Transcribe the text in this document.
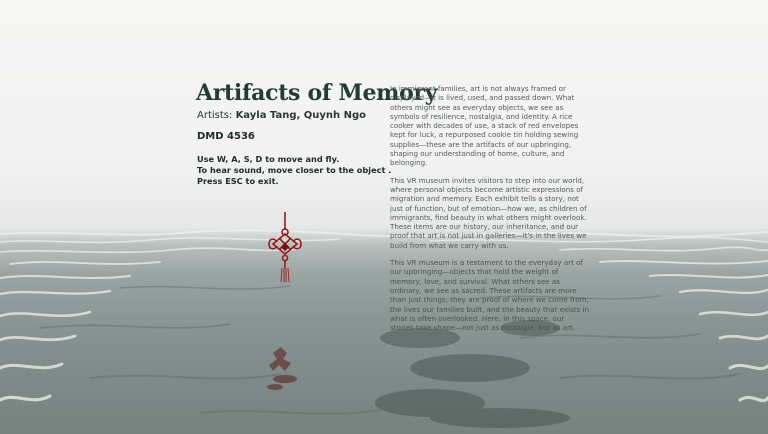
Artifacts of Memory
Artists: Kayla Tang, Quynh Ngo
DMD 4536
Use W, A, S, D to move and fly.
To hear sound, move closer to the object .
Press ESC to exit.

In immigrant families, art is not always framed or displayed—it is lived, used, and passed down. What others might see as everyday objects, we see as symbols of resilience, nostalgia, and identity. A rice cooker with decades of use, a stack of red envelopes kept for luck, a repurposed cookie tin holding sewing supplies—these are the artifacts of our upbringing, shaping our understanding of home, culture, and belonging.

This VR museum invites visitors to step into our world, where personal objects become artistic expressions of migration and memory. Each exhibit tells a story, not just of function, but of emotion—how we, as children of immigrants, find beauty in what others might overlook. These items are our history, our inheritance, and our proof that art is not just in galleries—it's in the lives we build from what we carry with us.

This VR museum is a testament to the everyday art of our upbringing—objects that hold the weight of memory, love, and survival. What others see as ordinary, we see as sacred. These artifacts are more than just things; they are proof of where we come from, the lives our families built, and the beauty that exists in what is often overlooked. Here, in this space, our stories take shape—not just as nostalgia, but as art.
